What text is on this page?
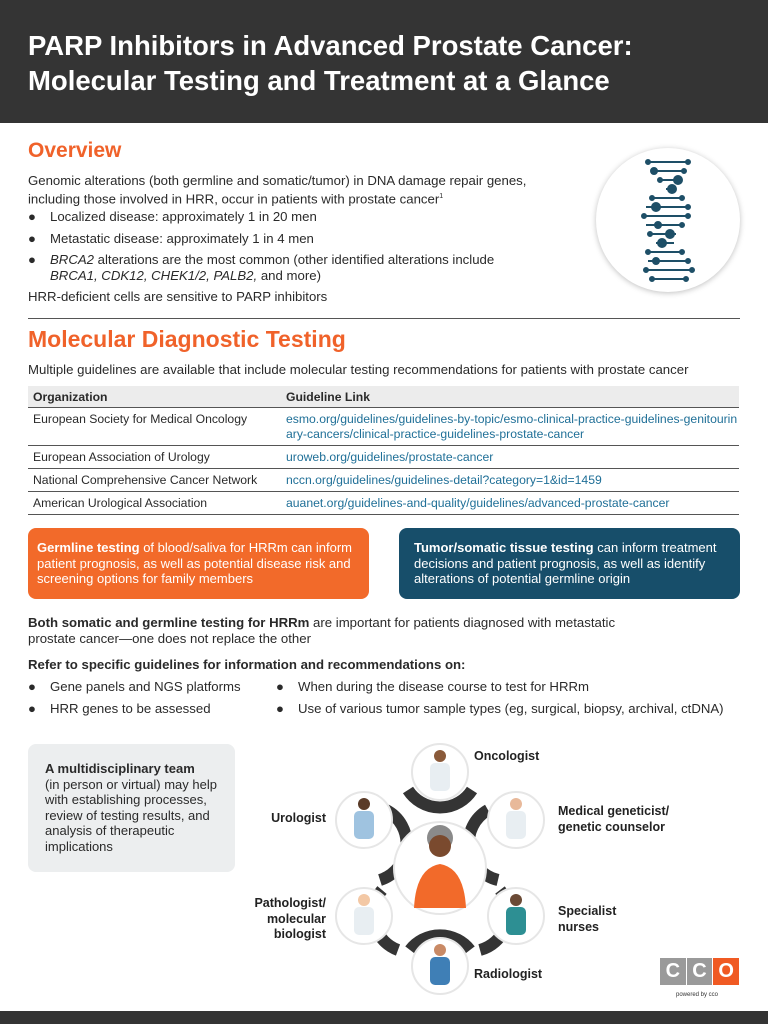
PARP Inhibitors in Advanced Prostate Cancer:
Molecular Testing and Treatment at a Glance
Overview
Genomic alterations (both germline and somatic/tumor) in DNA damage repair genes,
including those involved in HRR, occur in patients with prostate cancer$^1$
● Localized disease: approximately 1 in 20 men
● Metastatic disease: approximately 1 in 4 men
● BRCA2 alterations are the most common (other identified alterations include
BRCA1, CDK12, CHEK1/2, PALB2, and more)
HRR-deficient cells are sensitive to PARP inhibitors
Molecular Diagnostic Testing
Multiple guidelines are available that include molecular testing recommendations for patients with prostate cancer
Organization	Guideline Link
European Society for Medical Oncology	esmo.org/guidelines/guidelines-by-topic/esmo-clinical-practice-guidelines-genitourinary-cancers/clinical-practice-guidelines-prostate-cancer
European Association of Urology	uroweb.org/guidelines/prostate-cancer
National Comprehensive Cancer Network	nccn.org/guidelines/guidelines-detail?category=1&id=1459
American Urological Association	auanet.org/guidelines-and-quality/guidelines/advanced-prostate-cancer
Germline testing of blood/saliva for HRRm can inform patient prognosis, as well as potential disease risk and screening options for family members
Tumor/somatic tissue testing can inform treatment decisions and patient prognosis, as well as identify alterations of potential germline origin
Both somatic and germline testing for HRRm are important for patients diagnosed with metastatic
prostate cancer—one does not replace the other
Refer to specific guidelines for information and recommendations on:
● Gene panels and NGS platforms
● HRR genes to be assessed
● When during the disease course to test for HRRm
● Use of various tumor sample types (eg, surgical, biopsy, archival, ctDNA)
A multidisciplinary team
(in person or virtual) may help with establishing processes, review of testing results, and analysis of therapeutic implications
Oncologist
Medical geneticist/
genetic counselor
Specialist
nurses
Radiologist
Pathologist/
molecular
biologist
Urologist
C C O
powered by cco
